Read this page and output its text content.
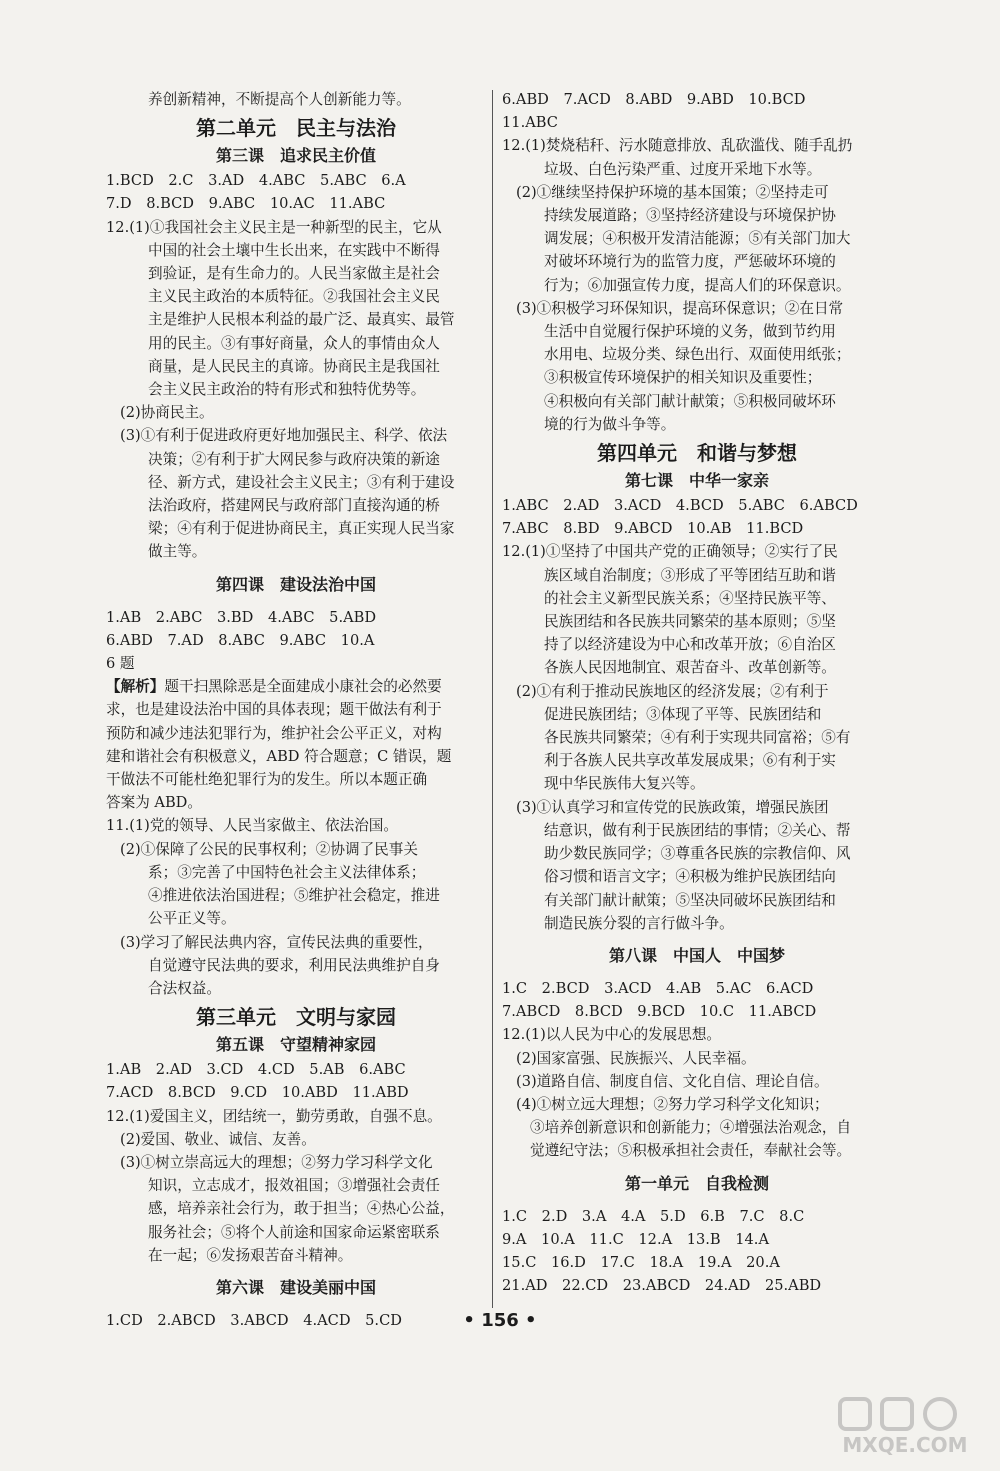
养创新精神，不断提高个人创新能力等。
第二单元　民主与法治
第三课　追求民主价值
1.BCD　2.C　3.AD　4.ABC　5.ABC　6.A
7.D　8.BCD　9.ABC　10.AC　11.ABC
12.(1)①我国社会主义民主是一种新型的民主，它从
中国的社会土壤中生长出来，在实践中不断得
到验证，是有生命力的。人民当家做主是社会
主义民主政治的本质特征。②我国社会主义民
主是维护人民根本利益的最广泛、最真实、最管
用的民主。③有事好商量，众人的事情由众人
商量，是人民民主的真谛。协商民主是我国社
会主义民主政治的特有形式和独特优势等。
(2)协商民主。
(3)①有利于促进政府更好地加强民主、科学、依法
决策；②有利于扩大网民参与政府决策的新途
径、新方式，建设社会主义民主；③有利于建设
法治政府，搭建网民与政府部门直接沟通的桥
梁；④有利于促进协商民主，真正实现人民当家
做主等。
第四课　建设法治中国
1.AB　2.ABC　3.BD　4.ABC　5.ABD
6.ABD　7.AD　8.ABC　9.ABC　10.A
6 题
【解析】题干扫黑除恶是全面建成小康社会的必然要
求，也是建设法治中国的具体表现；题干做法有利于
预防和减少违法犯罪行为，维护社会公平正义，对构
建和谐社会有积极意义，ABD 符合题意；C 错误，题
干做法不可能杜绝犯罪行为的发生。所以本题正确
答案为 ABD。
11.(1)党的领导、人民当家做主、依法治国。
(2)①保障了公民的民事权利；②协调了民事关
系；③完善了中国特色社会主义法律体系；
④推进依法治国进程；⑤维护社会稳定，推进
公平正义等。
(3)学习了解民法典内容，宣传民法典的重要性，
自觉遵守民法典的要求，利用民法典维护自身
合法权益。
第三单元　文明与家园
第五课　守望精神家园
1.AB　2.AD　3.CD　4.CD　5.AB　6.ABC
7.ACD　8.BCD　9.CD　10.ABD　11.ABD
12.(1)爱国主义，团结统一，勤劳勇敢，自强不息。
(2)爱国、敬业、诚信、友善。
(3)①树立崇高远大的理想；②努力学习科学文化
知识，立志成才，报效祖国；③增强社会责任
感，培养亲社会行为，敢于担当；④热心公益，
服务社会；⑤将个人前途和国家命运紧密联系
在一起；⑥发扬艰苦奋斗精神。
第六课　建设美丽中国
1.CD　2.ABCD　3.ABCD　4.ACD　5.CD
6.ABD　7.ACD　8.ABD　9.ABD　10.BCD
11.ABC
12.(1)焚烧秸秆、污水随意排放、乱砍滥伐、随手乱扔
垃圾、白色污染严重、过度开采地下水等。
(2)①继续坚持保护环境的基本国策；②坚持走可
持续发展道路；③坚持经济建设与环境保护协
调发展；④积极开发清洁能源；⑤有关部门加大
对破坏环境行为的监管力度，严惩破坏环境的
行为；⑥加强宣传力度，提高人们的环保意识。
(3)①积极学习环保知识，提高环保意识；②在日常
生活中自觉履行保护环境的义务，做到节约用
水用电、垃圾分类、绿色出行、双面使用纸张；
③积极宣传环境保护的相关知识及重要性；
④积极向有关部门献计献策；⑤积极同破坏环
境的行为做斗争等。
第四单元　和谐与梦想
第七课　中华一家亲
1.ABC　2.AD　3.ACD　4.BCD　5.ABC　6.ABCD
7.ABC　8.BD　9.ABCD　10.AB　11.BCD
12.(1)①坚持了中国共产党的正确领导；②实行了民
族区域自治制度；③形成了平等团结互助和谐
的社会主义新型民族关系；④坚持民族平等、
民族团结和各民族共同繁荣的基本原则；⑤坚
持了以经济建设为中心和改革开放；⑥自治区
各族人民因地制宜、艰苦奋斗、改革创新等。
(2)①有利于推动民族地区的经济发展；②有利于
促进民族团结；③体现了平等、民族团结和
各民族共同繁荣；④有利于实现共同富裕；⑤有
利于各族人民共享改革发展成果；⑥有利于实
现中华民族伟大复兴等。
(3)①认真学习和宣传党的民族政策，增强民族团
结意识，做有利于民族团结的事情；②关心、帮
助少数民族同学；③尊重各民族的宗教信仰、风
俗习惯和语言文字；④积极为维护民族团结向
有关部门献计献策；⑤坚决同破坏民族团结和
制造民族分裂的言行做斗争。
第八课　中国人　中国梦
1.C　2.BCD　3.ACD　4.AB　5.AC　6.ACD
7.ABCD　8.BCD　9.BCD　10.C　11.ABCD
12.(1)以人民为中心的发展思想。
(2)国家富强、民族振兴、人民幸福。
(3)道路自信、制度自信、文化自信、理论自信。
(4)①树立远大理想；②努力学习科学文化知识；
③培养创新意识和创新能力；④增强法治观念，自
觉遵纪守法；⑤积极承担社会责任，奉献社会等。
第一单元　自我检测
1.C　2.D　3.A　4.A　5.D　6.B　7.C　8.C
9.A　10.A　11.C　12.A　13.B　14.A
15.C　16.D　17.C　18.A　19.A　20.A
21.AD　22.CD　23.ABCD　24.AD　25.ABD
• 156 •
MXQE.COM
